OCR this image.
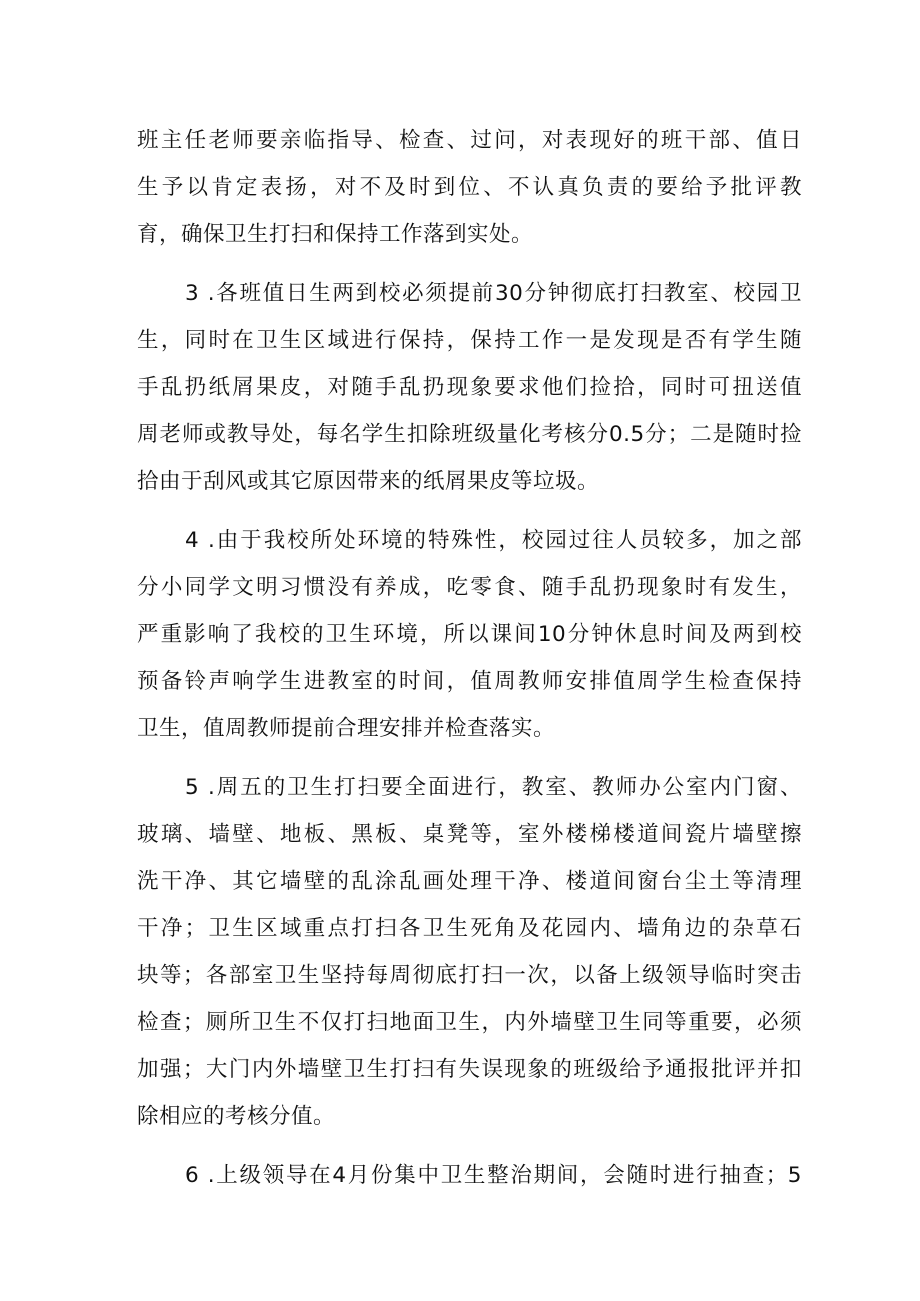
班主任老师要亲临指导、检查、过问，对表现好的班干部、值日
生予以肯定表扬，对不及时到位、不认真负责的要给予批评教
育，确保卫生打扫和保持工作落到实处。
3 .各班值日生两到校必须提前30分钟彻底打扫教室、校园卫
生，同时在卫生区域进行保持，保持工作一是发现是否有学生随
手乱扔纸屑果皮，对随手乱扔现象要求他们捡拾，同时可扭送值
周老师或教导处，每名学生扣除班级量化考核分0.5分；二是随时捡
拾由于刮风或其它原因带来的纸屑果皮等垃圾。
4 .由于我校所处环境的特殊性，校园过往人员较多，加之部
分小同学文明习惯没有养成，吃零食、随手乱扔现象时有发生，
严重影响了我校的卫生环境，所以课间10分钟休息时间及两到校
预备铃声响学生进教室的时间，值周教师安排值周学生检查保持
卫生，值周教师提前合理安排并检查落实。
5 .周五的卫生打扫要全面进行，教室、教师办公室内门窗、
玻璃、墙壁、地板、黑板、桌凳等，室外楼梯楼道间瓷片墙壁擦
洗干净、其它墙壁的乱涂乱画处理干净、楼道间窗台尘土等清理
干净；卫生区域重点打扫各卫生死角及花园内、墙角边的杂草石
块等；各部室卫生坚持每周彻底打扫一次，以备上级领导临时突击
检查；厕所卫生不仅打扫地面卫生，内外墙壁卫生同等重要，必须
加强；大门内外墙壁卫生打扫有失误现象的班级给予通报批评并扣
除相应的考核分值。
6 .上级领导在4月份集中卫生整治期间，会随时进行抽查；5
